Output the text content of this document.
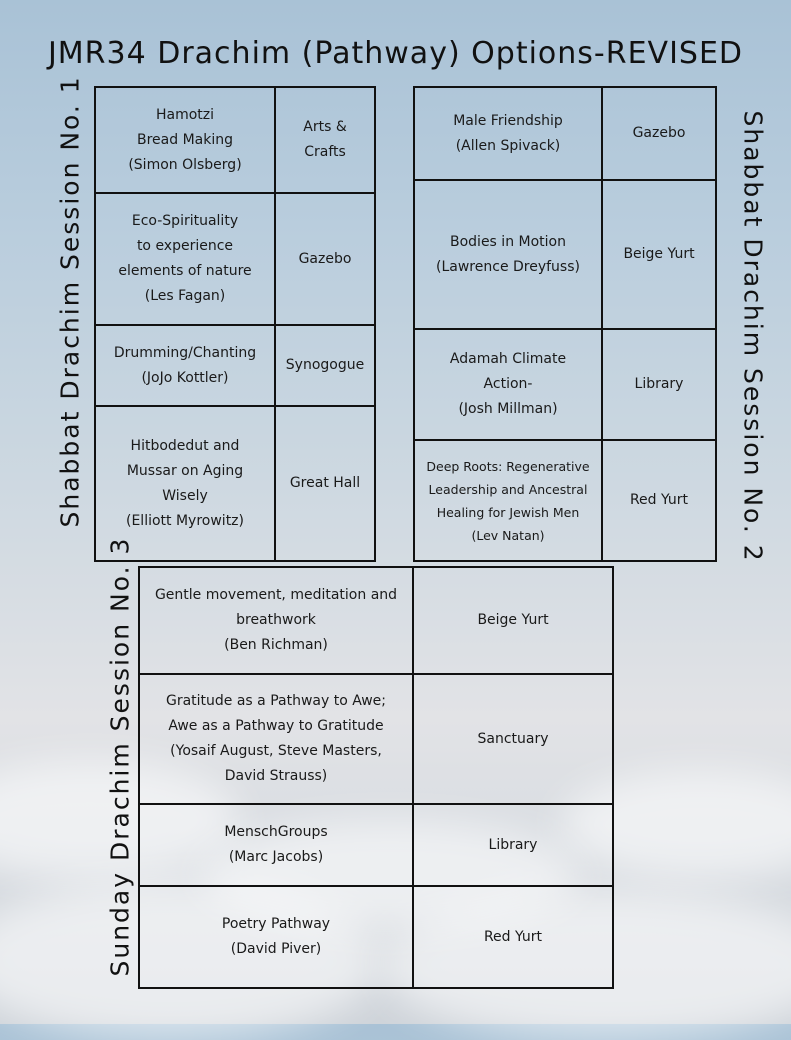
JMR34 Drachim (Pathway) Options-REVISED
Shabbat Drachim Session No. 1	Hamotzi
Bread Making
(Simon Olsberg)	Arts &
Crafts

Eco-Spirituality
to experience
elements of nature
(Les Fagan)	Gazebo

Drumming/Chanting
(JoJo Kottler)	Synogogue

Hitbodedut and
Mussar on Aging
Wisely
(Elliott Myrowitz)	Great Hall
Male Friendship
(Allen Spivack)	Gazebo

Bodies in Motion
(Lawrence Dreyfuss)	Beige Yurt

Adamah Climate
Action-
(Josh Millman)	Library

Deep Roots: Regenerative
Leadership and Ancestral
Healing for Jewish Men
(Lev Natan)	Red Yurt	Shabbat Drachim Session No. 2
Sunday Drachim Session No. 3	Gentle movement, meditation and
breathwork
(Ben Richman)	Beige Yurt

Gratitude as a Pathway to Awe;
Awe as a Pathway to Gratitude
(Yosaif August, Steve Masters,
David Strauss)	Sanctuary

MenschGroups
(Marc Jacobs)	Library

Poetry Pathway
(David Piver)	Red Yurt
